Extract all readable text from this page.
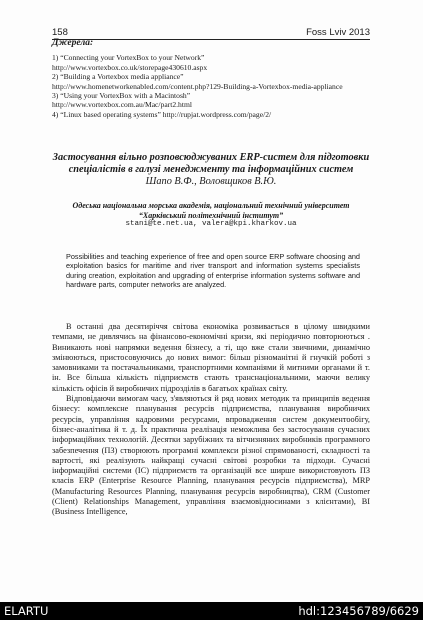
158	Foss Lviv 2013
Джерела:

1) “Connecting your VortexBox to your Network”

http://www.vortexbox.co.uk/storepage430610.aspx

2) “Building a Vortexbox media appliance”

http://www.homenetworkenabled.com/content.php?129-Building-a-Vortexbox-media-appliance

3) “Using your VortexBox with a Macintosh”

http://www.vortexbox.com.au/Mac/part2.html

4) “Linux based operating systems” http://rupjat.wordpress.com/page/2/

Застосування вільно розповсюджуваних ERP-систем для підготовки спеціалістів в галузі менеджменту та інформаційних систем
Шапо В.Ф., Воловщиков В.Ю.
Одеська національна морська академія, національний технічний університет
“Харківський політехнічний інститут”
stani@te.net.ua, valera@kpi.kharkov.ua
Possibilities and teaching experience of free and open source ERP software choosing and exploitation basics for maritime and river transport and information systems specialists during creation, exploitation and upgrading of enterprise information systems software and hardware parts, computer networks are analyzed.

В останні два десятиріччя світова економіка розвивається в цілому швидкими темпами, не дивлячись на фінансово-економічні кризи, які періодично повторюються . Виникають нові напрямки ведення бізнесу, а ті, що вже стали звичними, динамічно змінюються, пристосовуючись до нових вимог: більш різноманітні й гнучкій роботі з замовниками та постачальниками, транспортними компаніями й митними органами й т. ін. Все більша кількість підприємств стають транснаціональними, маючи велику кількість офісів й виробничих підрозділів в багатьох країнах світу.

Відповідаючи вимогам часу, з'являються й ряд нових методик та принципів ведення бізнесу: комплексне планування ресурсів підприємства, планування виробничих ресурсів, управління кадровими ресурсами, впровадження систем документообігу, бізнес-аналітика й т. д. Їх практична реалізація неможлива без застосування сучасних інформаційних технологій. Десятки зарубіжних та вітчизняних виробників програмного забезпечення (ПЗ) створюють програмні комплекси різної спрямованості, складності та вартості, які реалізують найкращі сучасні світові розробки та підходи. Сучасні інформаційні системи (ІС) підприємств та організацій все ширше використовують ПЗ класів ERP (Enterprise Resource Planning, планування ресурсів підприємства), MRP (Manufacturing Resources Planning, планування ресурсів виробництва), CRM (Customer (Client) Relationships Management, управління взаємовідносинами з клієнтами), BI (Business Intelligence,

ELARTU	hdl:123456789/6629
